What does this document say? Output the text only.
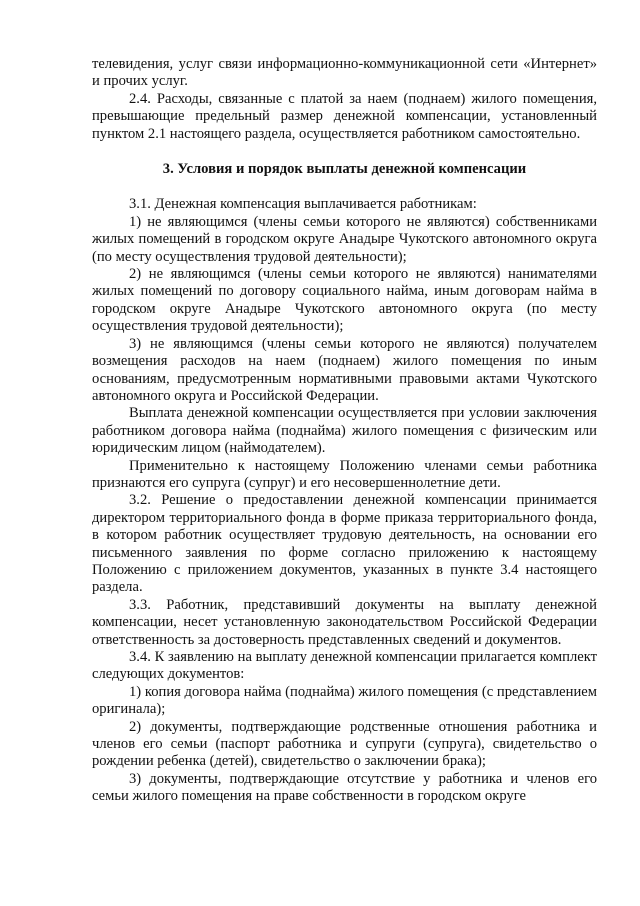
телевидения, услуг связи информационно-коммуникационной сети «Интернет» и прочих услуг.

2.4. Расходы, связанные с платой за наем (поднаем) жилого помещения, превышающие предельный размер денежной компенсации, установленный пунктом 2.1 настоящего раздела, осуществляется работником самостоятельно.

3. Условия и порядок выплаты денежной компенсации

3.1. Денежная компенсация выплачивается работникам:

1) не являющимся (члены семьи которого не являются) собственниками жилых помещений в городском округе Анадыре Чукотского автономного округа (по месту осуществления трудовой деятельности);

2) не являющимся (члены семьи которого не являются) нанимателями жилых помещений по договору социального найма, иным договорам найма в городском округе Анадыре Чукотского автономного округа (по месту осуществления трудовой деятельности);

3) не являющимся (члены семьи которого не являются) получателем возмещения расходов на наем (поднаем) жилого помещения по иным основаниям, предусмотренным нормативными правовыми актами Чукотского автономного округа и Российской Федерации.

Выплата денежной компенсации осуществляется при условии заключения работником договора найма (поднайма) жилого помещения с физическим или юридическим лицом (наймодателем).

Применительно к настоящему Положению членами семьи работника признаются его супруга (супруг) и его несовершеннолетние дети.

3.2. Решение о предоставлении денежной компенсации принимается директором территориального фонда в форме приказа территориального фонда, в котором работник осуществляет трудовую деятельность, на основании его письменного заявления по форме согласно приложению к настоящему Положению с приложением документов, указанных в пункте 3.4 настоящего раздела.

3.3. Работник, представивший документы на выплату денежной компенсации, несет установленную законодательством Российской Федерации ответственность за достоверность представленных сведений и документов.

3.4. К заявлению на выплату денежной компенсации прилагается комплект следующих документов:

1) копия договора найма (поднайма) жилого помещения (с представлением оригинала);

2) документы, подтверждающие родственные отношения работника и членов его семьи (паспорт работника и супруги (супруга), свидетельство о рождении ребенка (детей), свидетельство о заключении брака);

3) документы, подтверждающие отсутствие у работника и членов его семьи жилого помещения на праве собственности в городском округе
